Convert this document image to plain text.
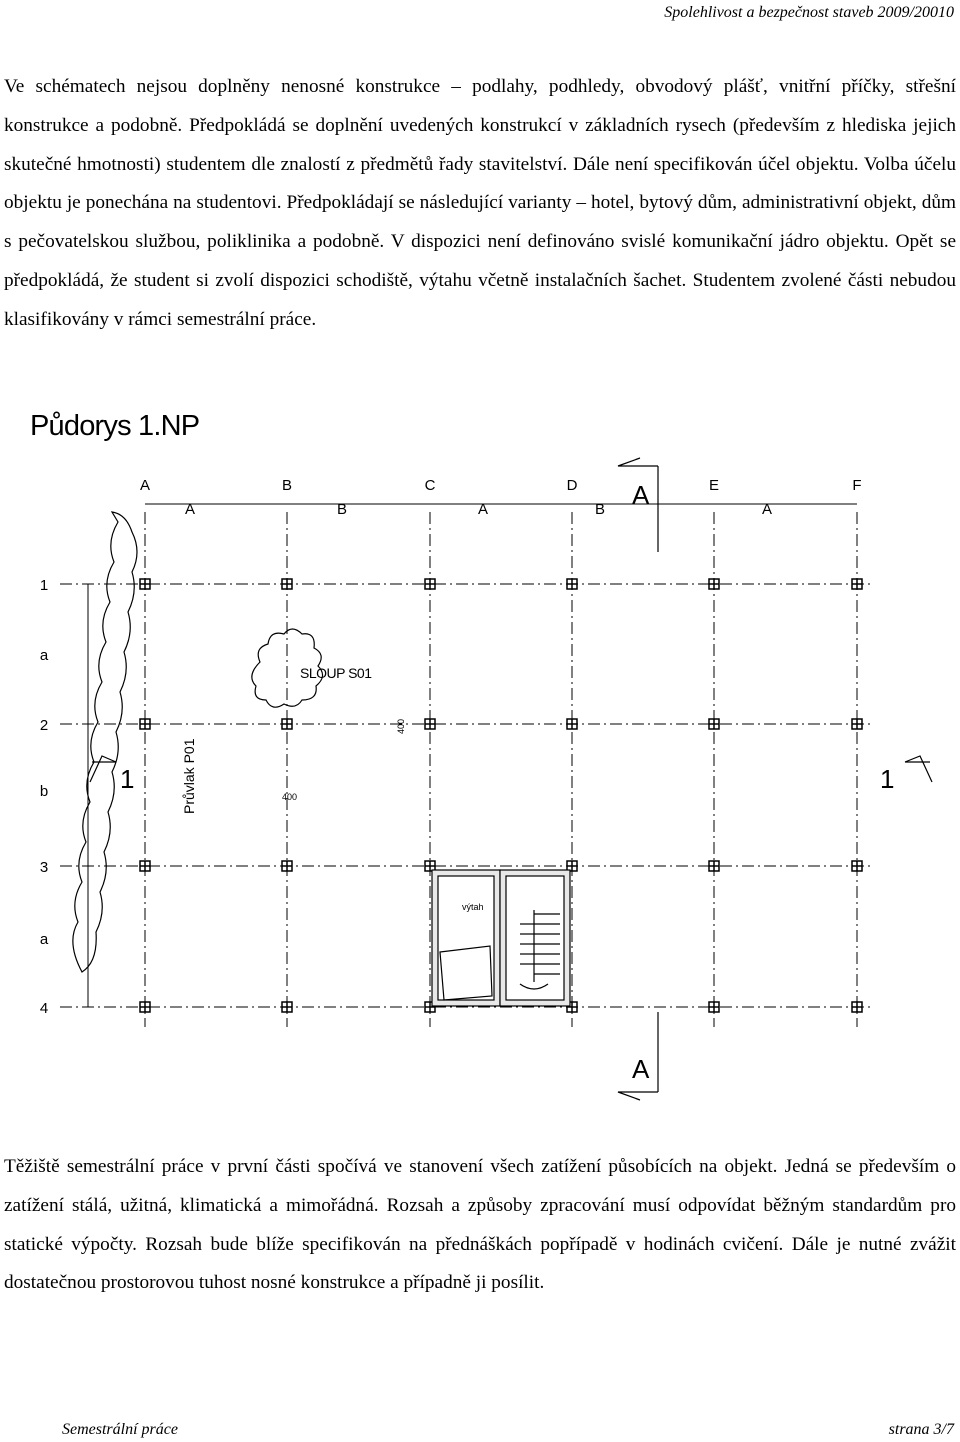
Spolehlivost a bezpečnost staveb 2009/20010
Ve schématech nejsou doplněny nenosné konstrukce – podlahy, podhledy, obvodový plášť, vnitřní příčky, střešní konstrukce a podobně. Předpokládá se doplnění uvedených konstrukcí v základních rysech (především z hlediska jejich skutečné hmotnosti) studentem dle znalostí z předmětů řady stavitelství. Dále není specifikován účel objektu. Volba účelu objektu je ponechána na studentovi. Předpokládají se následující varianty – hotel, bytový dům, administrativní objekt, dům s pečovatelskou službou, poliklinika a podobně. V dispozici není definováno svislé komunikační jádro objektu. Opět se předpokládá, že student si zvolí dispozici schodiště, výtahu včetně instalačních šachet. Studentem zvolené části nebudou klasifikovány v rámci semestrální práce.
Půdorys 1.NP
A	B	C	D	E	F
A	B	A	B	A
1
2
3
4
a
b
a
SLOUP S01
Průvlak P01
400
400
A
A
1	1
výtah
Těžiště semestrální práce v první části spočívá ve stanovení všech zatížení působících na objekt. Jedná se především o zatížení stálá, užitná, klimatická a mimořádná. Rozsah a způsoby zpracování musí odpovídat běžným standardům pro statické výpočty. Rozsah bude blíže specifikován na přednáškách popřípadě v hodinách cvičení. Dále je nutné zvážit dostatečnou prostorovou tuhost nosné konstrukce a případně ji posílit.
Semestrální práce	strana 3/7
